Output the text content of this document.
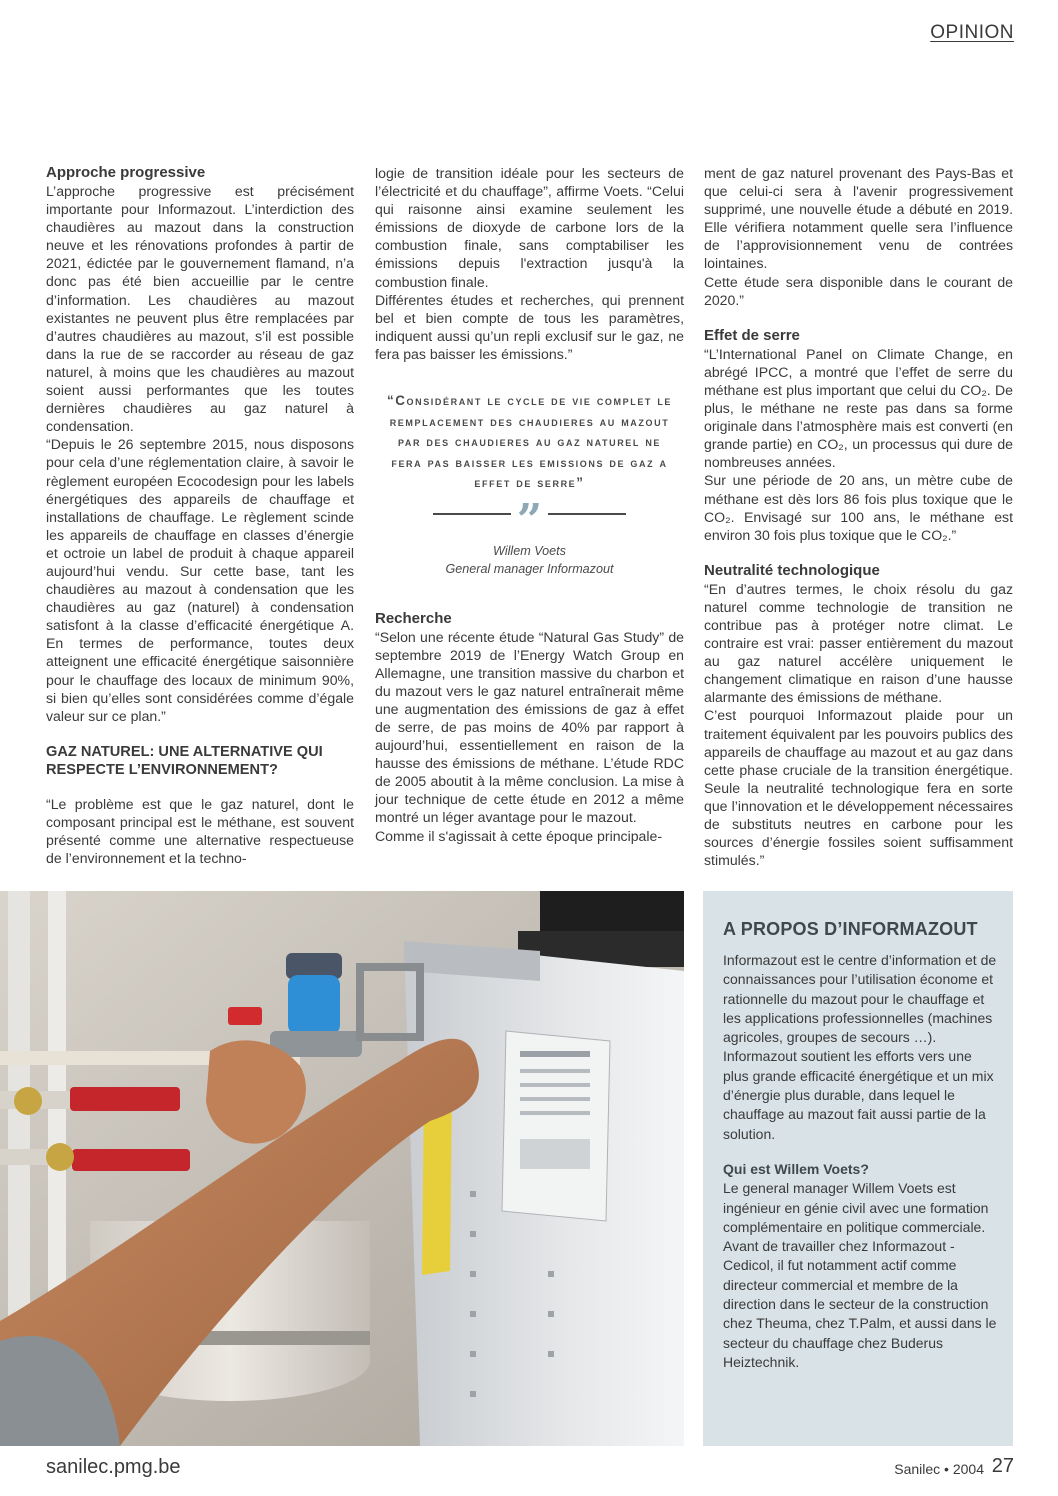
OPINION
Approche progressive

L’approche progressive est précisément importante pour Informazout. L’interdiction des chaudières au mazout dans la construction neuve et les rénovations profondes à partir de 2021, édictée par le gouvernement flamand, n’a donc pas été bien accueillie par le centre d’information. Les chaudières au mazout existantes ne peuvent plus être remplacées par d’autres chaudières au mazout, s’il est possible dans la rue de se raccorder au réseau de gaz naturel, à moins que les chaudières au mazout soient aussi performantes que les toutes dernières chaudières au gaz naturel à condensation.

“Depuis le 26 septembre 2015, nous disposons pour cela d’une réglementation claire, à savoir le règlement européen Ecocodesign pour les labels énergétiques des appareils de chauffage et installations de chauffage. Le règlement scinde les appareils de chauffage en classes d’énergie et octroie un label de produit à chaque appareil aujourd’hui vendu. Sur cette base, tant les chaudières au mazout à condensation que les chaudières au gaz (naturel) à condensation satisfont à la classe d’efficacité énergétique A. En termes de performance, toutes deux atteignent une efficacité énergétique saisonnière pour le chauffage des locaux de minimum 90%, si bien qu’elles sont considérées comme d’égale valeur sur ce plan.”

GAZ NATUREL: UNE ALTERNATIVE QUI RESPECTE L’ENVIRONNEMENT?

“Le problème est que le gaz naturel, dont le composant principal est le méthane, est souvent présenté comme une alternative respectueuse de l’environnement et la techno-

logie de transition idéale pour les secteurs de l’électricité et du chauffage”, affirme Voets. “Celui qui raisonne ainsi examine seulement les émissions de dioxyde de carbone lors de la combustion finale, sans comptabiliser les émissions depuis l'extraction jusqu'à la combustion finale.

Différentes études et recherches, qui prennent bel et bien compte de tous les paramètres, indiquent aussi qu’un repli exclusif sur le gaz, ne fera pas baisser les émissions.”

“Considérant le cycle de vie complet le remplacement des chaudieres au mazout par des chaudieres au gaz naturel ne fera pas baisser les emissions de gaz a effet de serre”
”
Willem Voets
General manager Informazout
Recherche

“Selon une récente étude “Natural Gas Study” de septembre 2019 de l’Energy Watch Group en Allemagne, une transition massive du charbon et du mazout vers le gaz naturel entraînerait même une augmentation des émissions de gaz à effet de serre, de pas moins de 40% par rapport à aujourd’hui, essentiellement en raison de la hausse des émissions de méthane. L’étude RDC de 2005 aboutit à la même conclusion. La mise à jour technique de cette étude en 2012 a même montré un léger avantage pour le mazout.

Comme il s'agissait à cette époque principale-

ment de gaz naturel provenant des Pays-Bas et que celui-ci sera à l'avenir progressivement supprimé, une nouvelle étude a débuté en 2019. Elle vérifiera notamment quelle sera l’influence de l’approvisionnement venu de contrées lointaines.

Cette étude sera disponible dans le courant de 2020.”

Effet de serre

“L’International Panel on Climate Change, en abrégé IPCC, a montré que l’effet de serre du méthane est plus important que celui du CO₂. De plus, le méthane ne reste pas dans sa forme originale dans l’atmosphère mais est converti (en grande partie) en CO₂, un processus qui dure de nombreuses années.

Sur une période de 20 ans, un mètre cube de méthane est dès lors 86 fois plus toxique que le CO₂. Envisagé sur 100 ans, le méthane est environ 30 fois plus toxique que le CO₂.”

Neutralité technologique

“En d’autres termes, le choix résolu du gaz naturel comme technologie de transition ne contribue pas à protéger notre climat. Le contraire est vrai: passer entièrement du mazout au gaz naturel accélère uniquement le changement climatique en raison d’une hausse alarmante des émissions de méthane.

C’est pourquoi Informazout plaide pour un traitement équivalent par les pouvoirs publics des appareils de chauffage au mazout et au gaz dans cette phase cruciale de la transition énergétique. Seule la neutralité technologique fera en sorte que l’innovation et le développement nécessaires de substituts neutres en carbone pour les sources d’énergie fossiles soient suffisamment stimulés.”

A PROPOS D’INFORMAZOUT

Informazout est le centre d’information et de connaissances pour l’utilisation économe et rationnelle du mazout pour le chauffage et les applications professionnelles (machines agricoles, groupes de secours …). Informazout soutient les efforts vers une plus grande efficacité énergétique et un mix d’énergie plus durable, dans lequel le chauffage au mazout fait aussi partie de la solution.

Qui est Willem Voets?

Le general manager Willem Voets est ingénieur en génie civil avec une formation complémentaire en politique commerciale.

Avant de travailler chez Informazout - Cedicol, il fut notamment actif comme directeur commercial et membre de la direction dans le secteur de la construction chez Theuma, chez T.Palm, et aussi dans le secteur du chauffage chez Buderus Heiztechnik.

sanilec.pmg.be	Sanilec • 2004 27
